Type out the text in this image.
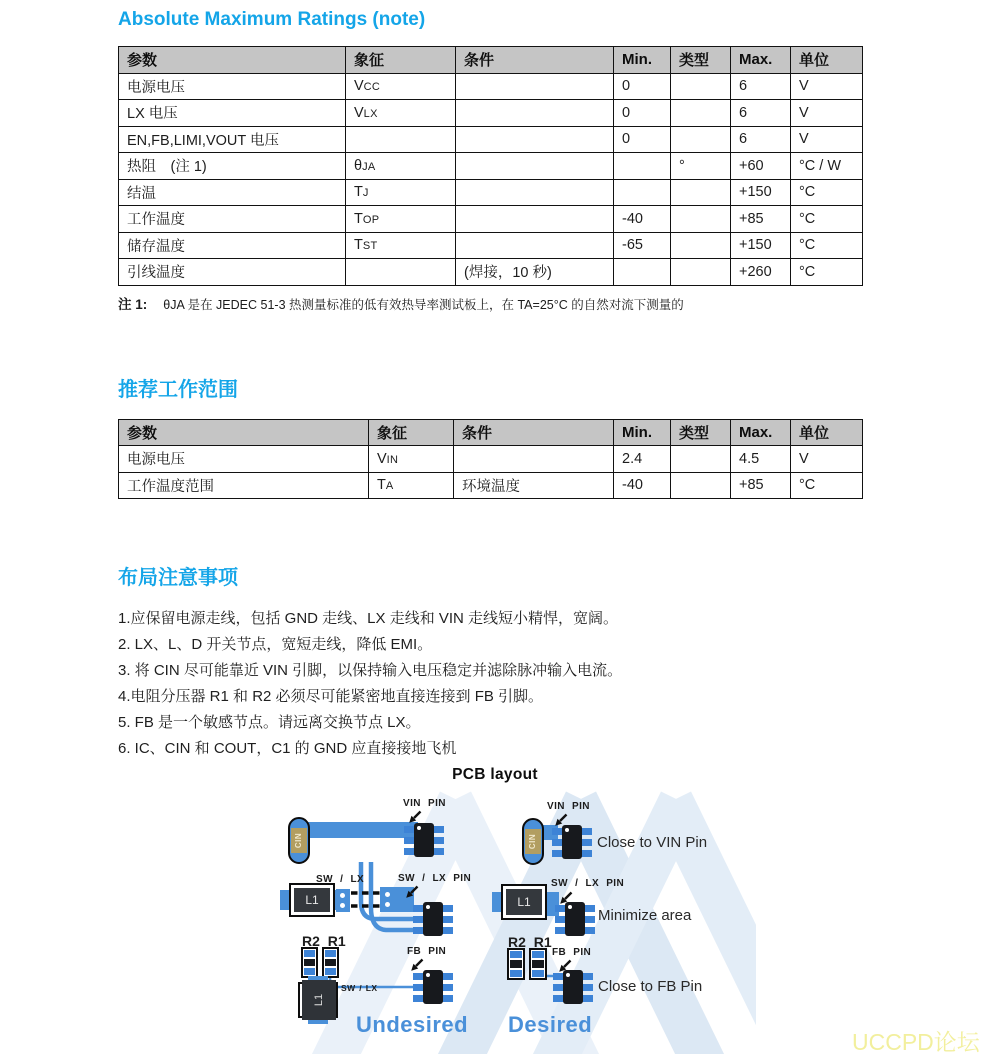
Absolute Maximum Ratings (note)
参数	象征	条件	Min.	类型	Max.	单位
电源电压	VCC		0		6	V
LX 电压	VLX		0		6	V
EN,FB,LIMI,VOUT 电压			0		6	V
热阻　(注 1)	θJA			°	+60	°C / W
结温	TJ				+150	°C
工作温度	TOP		-40		+85	°C
储存温度	TST		-65		+150	°C
引线温度		(焊接，10 秒)			+260	°C
注 1: θJA 是在 JEDEC 51-3 热测量标准的低有效热导率测试板上，在 TA=25°C 的自然对流下测量的
推荐工作范围
参数	象征	条件	Min.	类型	Max.	单位
电源电压	VIN		2.4		4.5	V
工作温度范围	TA	环境温度	-40		+85	°C
布局注意事项
1.应保留电源走线，包括 GND 走线、LX 走线和 VIN 走线短小精悍，宽阔。
2. LX、L、D 开关节点，宽短走线，降低 EMI。
3. 将 CIN 尽可能靠近 VIN 引脚，以保持输入电压稳定并滤除脉冲输入电流。
4.电阻分压器 R1 和 R2 必须尽可能紧密地直接连接到 FB 引脚。
5. FB 是一个敏感节点。请远离交换节点 LX。
6. IC、CIN 和 COUT，C1 的 GND 应直接接地飞机
PCB layout
VIN PIN
CIN
SW / LX	SW / LX PIN
L1
R2 R1
FB PIN
L1
SW / LX
Undesired
VIN PIN
CIN	Close to VIN Pin
SW / LX PIN
L1
Minimize area
R2 R1
FB PIN
Close to FB Pin
Desired
UCCPD论坛
